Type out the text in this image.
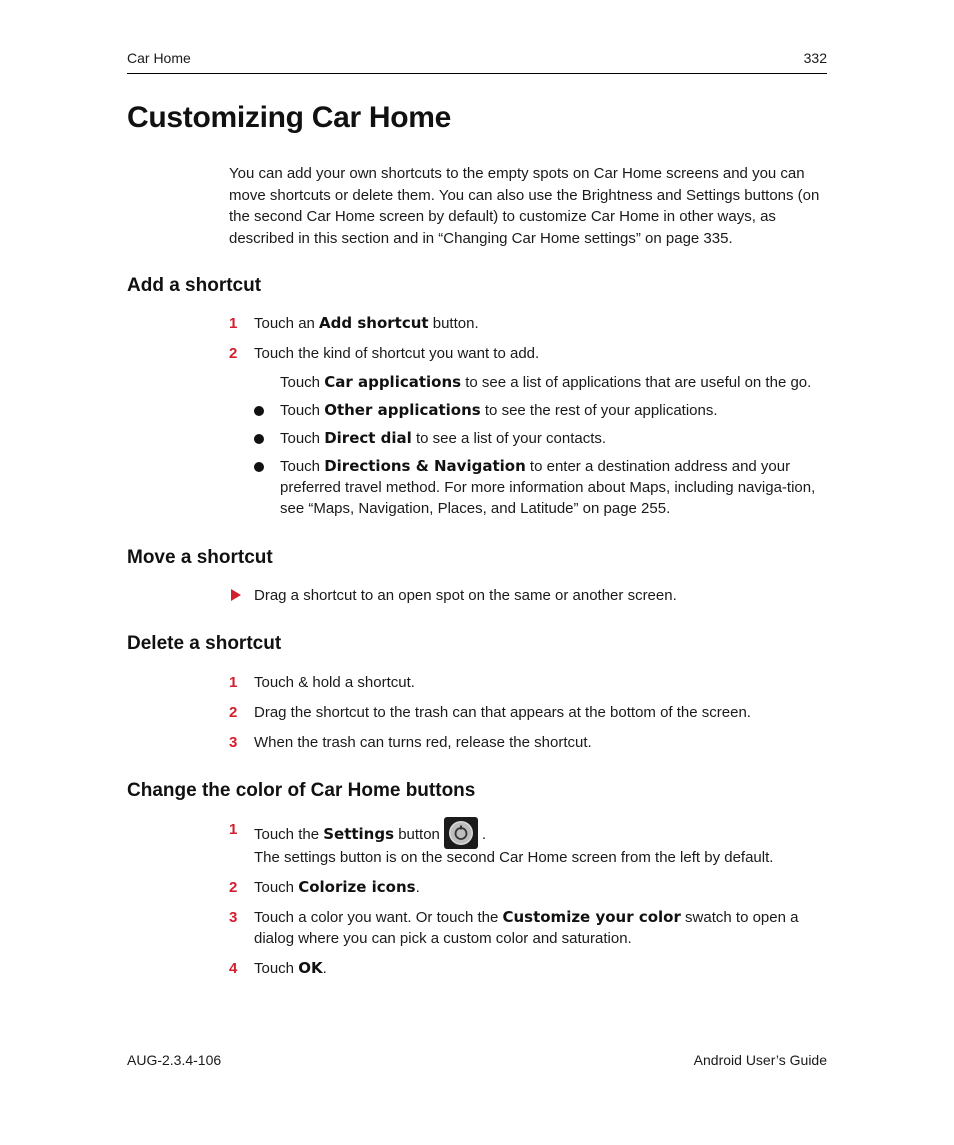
Car Home	332
Customizing Car Home

You can add your own shortcuts to the empty spots on Car Home screens and you can move shortcuts or delete them. You can also use the Brightness and Settings buttons (on the second Car Home screen by default) to customize Car Home in other ways, as described in this section and in “Changing Car Home settings” on page 335.

Add a shortcut
1 Touch an Add shortcut button.
2 Touch the kind of shortcut you want to add.
Touch Car applications to see a list of applications that are useful on the go.
Touch Other applications to see the rest of your applications.
Touch Direct dial to see a list of your contacts.
Touch Directions & Navigation to enter a destination address and your preferred travel method. For more information about Maps, including naviga-tion, see “Maps, Navigation, Places, and Latitude” on page 255.
Move a shortcut
Drag a shortcut to an open spot on the same or another screen.
Delete a shortcut
1 Touch & hold a shortcut.
2 Drag the shortcut to the trash can that appears at the bottom of the screen.
3 When the trash can turns red, release the shortcut.
Change the color of Car Home buttons
1 Touch the Settings button	.
The settings button is on the second Car Home screen from the left by default.
2 Touch Colorize icons.
3 Touch a color you want. Or touch the Customize your color swatch to open a dialog where you can pick a custom color and saturation.
4 Touch OK.
AUG-2.3.4-106	Android User’s Guide
